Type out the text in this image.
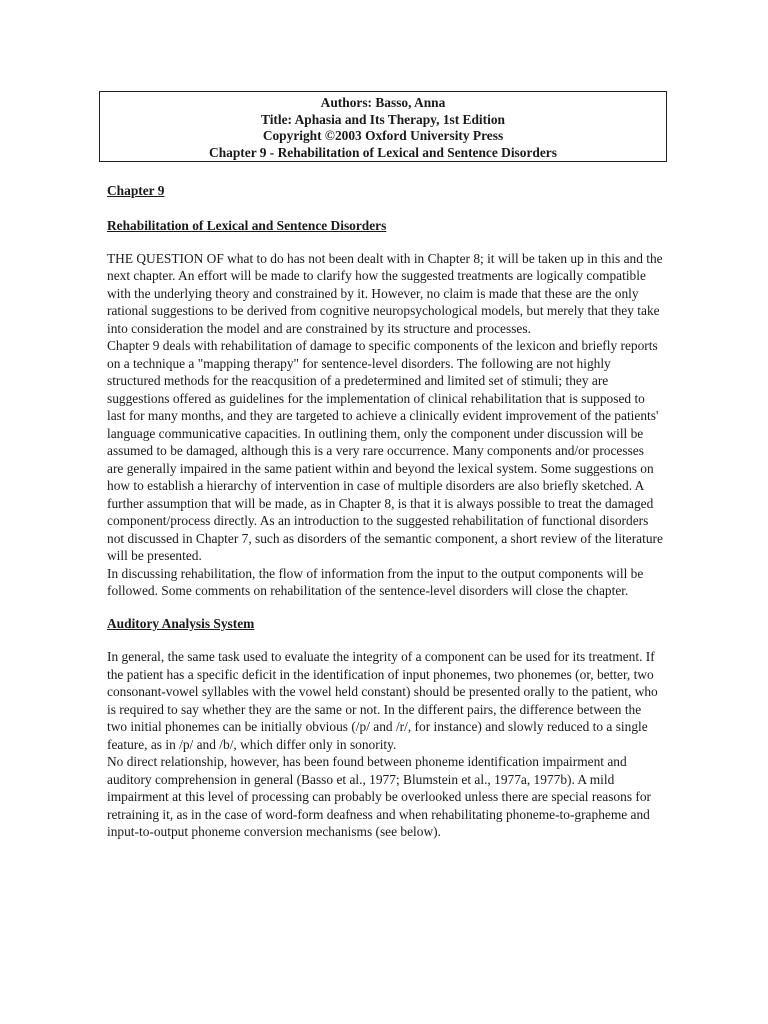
Authors: Basso, Anna
Title: Aphasia and Its Therapy, 1st Edition
Copyright ©2003 Oxford University Press
Chapter 9 - Rehabilitation of Lexical and Sentence Disorders

Chapter 9

Rehabilitation of Lexical and Sentence Disorders

THE QUESTION OF what to do has not been dealt with in Chapter 8; it will be taken up in this and the next chapter. An effort will be made to clarify how the suggested treatments are logically compatible with the underlying theory and constrained by it. However, no claim is made that these are the only rational suggestions to be derived from cognitive neuropsychological models, but merely that they take into consideration the model and are constrained by its structure and processes.

Chapter 9 deals with rehabilitation of damage to specific components of the lexicon and briefly reports on a technique a "mapping therapy" for sentence-level disorders. The following are not highly structured methods for the reacqusition of a predetermined and limited set of stimuli; they are suggestions offered as guidelines for the implementation of clinical rehabilitation that is supposed to last for many months, and they are targeted to achieve a clinically evident improvement of the patients' language communicative capacities. In outlining them, only the component under discussion will be assumed to be damaged, although this is a very rare occurrence. Many components and/or processes are generally impaired in the same patient within and beyond the lexical system. Some suggestions on how to establish a hierarchy of intervention in case of multiple disorders are also briefly sketched. A further assumption that will be made, as in Chapter 8, is that it is always possible to treat the damaged component/process directly. As an introduction to the suggested rehabilitation of functional disorders not discussed in Chapter 7, such as disorders of the semantic component, a short review of the literature will be presented.

In discussing rehabilitation, the flow of information from the input to the output components will be followed. Some comments on rehabilitation of the sentence-level disorders will close the chapter.

Auditory Analysis System

In general, the same task used to evaluate the integrity of a component can be used for its treatment. If the patient has a specific deficit in the identification of input phonemes, two phonemes (or, better, two consonant-vowel syllables with the vowel held constant) should be presented orally to the patient, who is required to say whether they are the same or not. In the different pairs, the difference between the two initial phonemes can be initially obvious (/p/ and /r/, for instance) and slowly reduced to a single feature, as in /p/ and /b/, which differ only in sonority.

No direct relationship, however, has been found between phoneme identification impairment and auditory comprehension in general (Basso et al., 1977; Blumstein et al., 1977a, 1977b). A mild impairment at this level of processing can probably be overlooked unless there are special reasons for retraining it, as in the case of word-form deafness and when rehabilitating phoneme-to-grapheme and input-to-output phoneme conversion mechanisms (see below).
